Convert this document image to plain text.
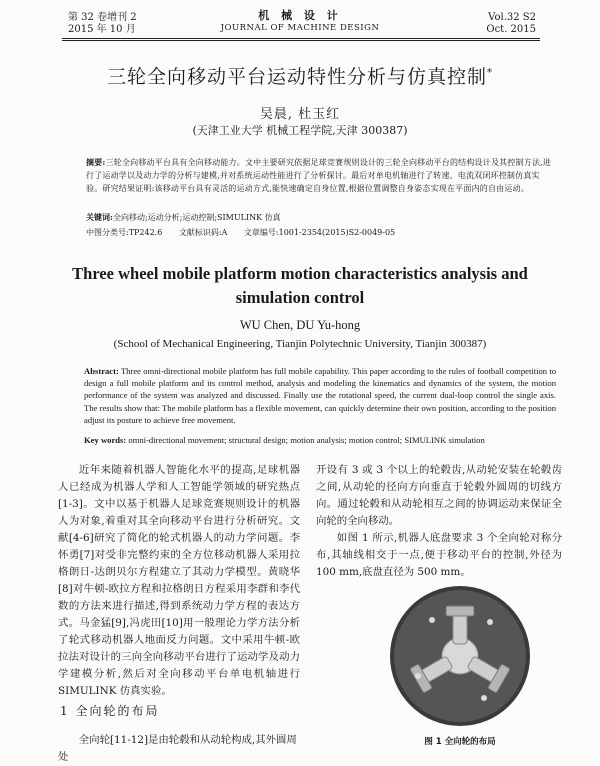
第 32 卷增刊 2
2015 年 10 月
机 械 设 计
JOURNAL OF MACHINE DESIGN
Vol.32 S2
Oct. 2015
三轮全向移动平台运动特性分析与仿真控制*
吴晨, 杜玉红
(天津工业大学 机械工程学院,天津 300387)
摘要:三轮全向移动平台具有全向移动能力。文中主要研究依据足球竞赛规则设计的三轮全向移动平台的结构设计及其控制方法,进行了运动学以及动力学的分析与建模,并对系统运动性能进行了分析探讨。最后对单电机轴进行了转速、电流双闭环控制仿真实验。研究结果证明:该移动平台具有灵活的运动方式,能快速确定自身位置,根据位置调整自身姿态实现在平面内的自由运动。
关键词:全向移动;运动分析;运动控制;SIMULINK 仿真
中图分类号:TP242.6 文献标识码:A 文章编号:1001-2354(2015)S2-0049-05
Three wheel mobile platform motion characteristics analysis and
simulation control
WU Chen, DU Yu-hong
(School of Mechanical Engineering, Tianjin Polytechnic University, Tianjin 300387)
Abstract: Three omni-directional mobile platform has full mobile capability. This paper according to the rules of football competition to design a full mobile platform and its control method, analysis and modeling the kinematics and dynamics of the system, the motion performance of the system was analyzed and discussed. Finally use the rotational speed, the current dual-loop control the single axis. The results show that: The mobile platform has a flexible movement, can quickly determine their own position, according to the position adjust its posture to achieve free movement.
Key words: omni-directional movement; structural design; motion analysis; motion control; SIMULINK simulation

近年来随着机器人智能化水平的提高,足球机器人已经成为机器人学和人工智能学领域的研究热点[1-3]。文中以基于机器人足球竞赛规则设计的机器人为对象,着重对其全向移动平台进行分析研究。文献[4-6]研究了简化的轮式机器人的动力学问题。李怀勇[7]对受非完整约束的全方位移动机器人采用拉格朗日-达朗贝尔方程建立了其动力学模型。黄晓华[8]对牛顿-欧拉方程和拉格朗日方程采用李群和李代数的方法来进行描述,得到系统动力学方程的表达方式。马金猛[9],冯虎田[10]用一般理论力学方法分析了轮式移动机器人地面反力问题。文中采用牛顿-欧拉法对设计的三向全向移动平台进行了运动学及动力学建模分析,然后对全向移动平台单电机轴进行 SIMULINK 仿真实验。

开设有 3 或 3 个以上的轮毂齿,从动轮安装在轮毂齿之间,从动轮的径向方向垂直于轮毂外圆周的切线方向。通过轮毂和从动轮相互之间的协调运动来保证全向轮的全向移动。

如图 1 所示,机器人底盘要求 3 个全向轮对称分布,其轴线相交于一点,便于移动平台的控制,外径为 100 mm,底盘直径为 500 mm。

1 全向轮的布局
全向轮[11-12]是由轮毂和从动轮构成,其外圆周处
图 1 全向轮的布局
